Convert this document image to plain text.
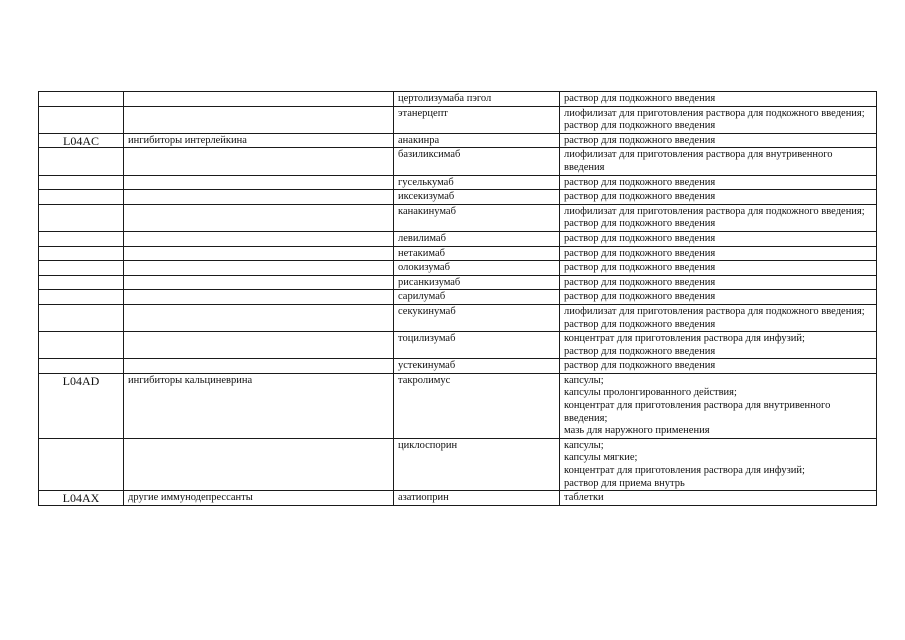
		цертолизумаба пэгол	раствор для подкожного введения

		этанерцепт	лиофилизат для приготовления раствора для подкожного введения;
раствор для подкожного введения

L04AC	ингибиторы интерлейкина	анакинра	раствор для подкожного введения

		базиликсимаб	лиофилизат для приготовления раствора для внутривенного введения

		гуселькумаб	раствор для подкожного введения

		иксекизумаб	раствор для подкожного введения

		канакинумаб	лиофилизат для приготовления раствора для подкожного введения;
раствор для подкожного введения

		левилимаб	раствор для подкожного введения

		нетакимаб	раствор для подкожного введения

		олокизумаб	раствор для подкожного введения

		рисанкизумаб	раствор для подкожного введения

		сарилумаб	раствор для подкожного введения

		секукинумаб	лиофилизат для приготовления раствора для подкожного введения;
раствор для подкожного введения

		тоцилизумаб	концентрат для приготовления раствора для инфузий;
раствор для подкожного введения

		устекинумаб	раствор для подкожного введения

L04AD	ингибиторы кальциневрина	такролимус	капсулы;
капсулы пролонгированного действия;
концентрат для приготовления раствора для внутривенного введения;
мазь для наружного применения

		циклоспорин	капсулы;
капсулы мягкие;
концентрат для приготовления раствора для инфузий;
раствор для приема внутрь

L04AX	другие иммунодепрессанты	азатиоприн	таблетки
